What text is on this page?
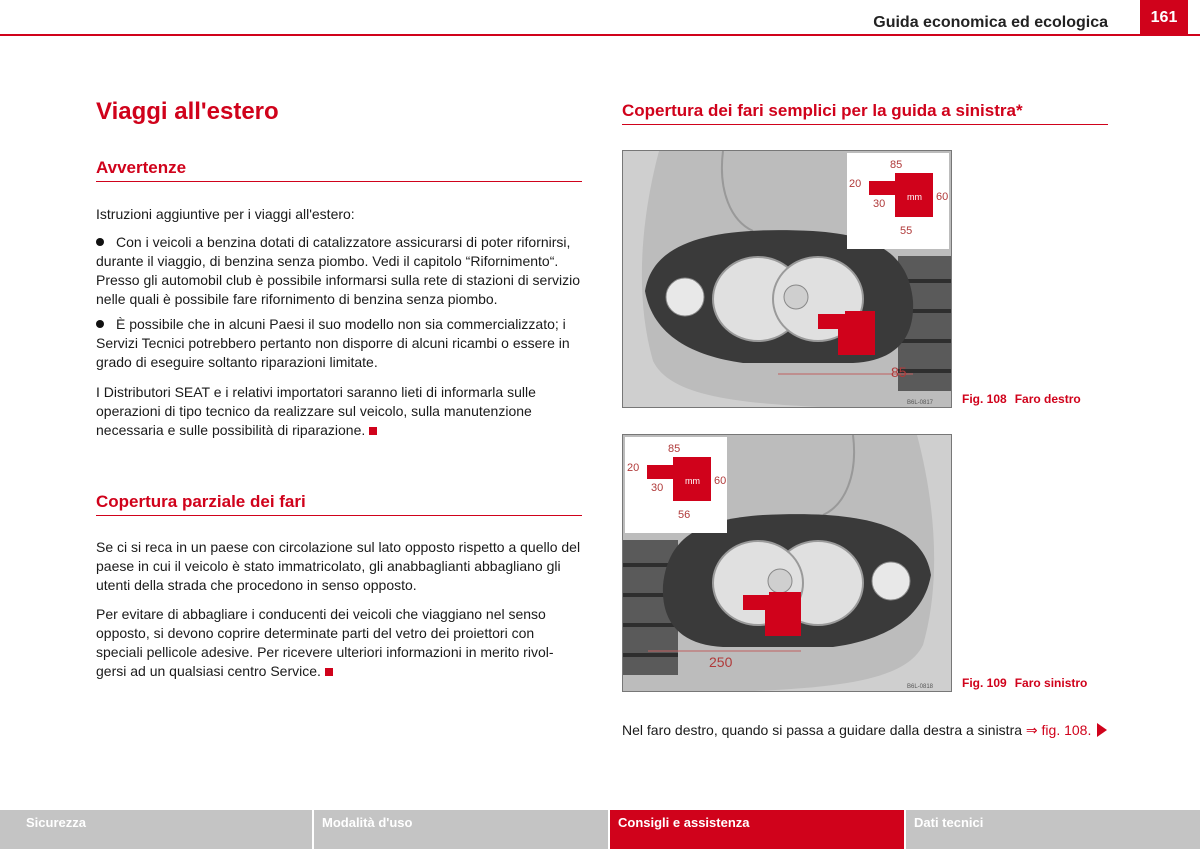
Guida economica ed ecologica	161
Viaggi all'estero
Avvertenze
Istruzioni aggiuntive per i viaggi all'estero:
Con i veicoli a benzina dotati di catalizzatore assicurarsi di poter rifornirsi, durante il viaggio, di benzina senza piombo. Vedi il capitolo “Rifornimento“. Presso gli automobil club è possibile informarsi sulla rete di stazioni di servizio nelle quali è possibile fare rifornimento di benzina senza piombo.
È possibile che in alcuni Paesi il suo modello non sia commercializzato; i Servizi Tecnici potrebbero pertanto non disporre di alcuni ricambi o essere in grado di eseguire soltanto riparazioni limitate.
I Distributori SEAT e i relativi importatori saranno lieti di informarla sulle operazioni di tipo tecnico da realizzare sul veicolo, sulla manutenzione necessaria e sulle possibilità di riparazione.
Copertura parziale dei fari
Se ci si reca in un paese con circolazione sul lato opposto rispetto a quello del paese in cui il veicolo è stato immatricolato, gli anabbaglianti abbagliano gli utenti della strada che procedono in senso opposto.
Per evitare di abbagliare i conducenti dei veicoli che viaggiano nel senso opposto, si devono coprire determinate parti del vetro dei proiettori con speciali pellicole adesive. Per ricevere ulteriori informazioni in merito rivol-gersi ad un qualsiasi centro Service.
Copertura dei fari semplici per la guida a sinistra*
85
85
20
30
mm 60
55
B6L-0817 Fig. 108 Faro destro
250
85
20
30
mm 60
56
B6L-0818 Fig. 109 Faro sinistro
Nel faro destro, quando si passa a guidare dalla destra a sinistra ⇒ fig. 108.
Sicurezza	Modalità d'uso	Consigli e assistenza	Dati tecnici
